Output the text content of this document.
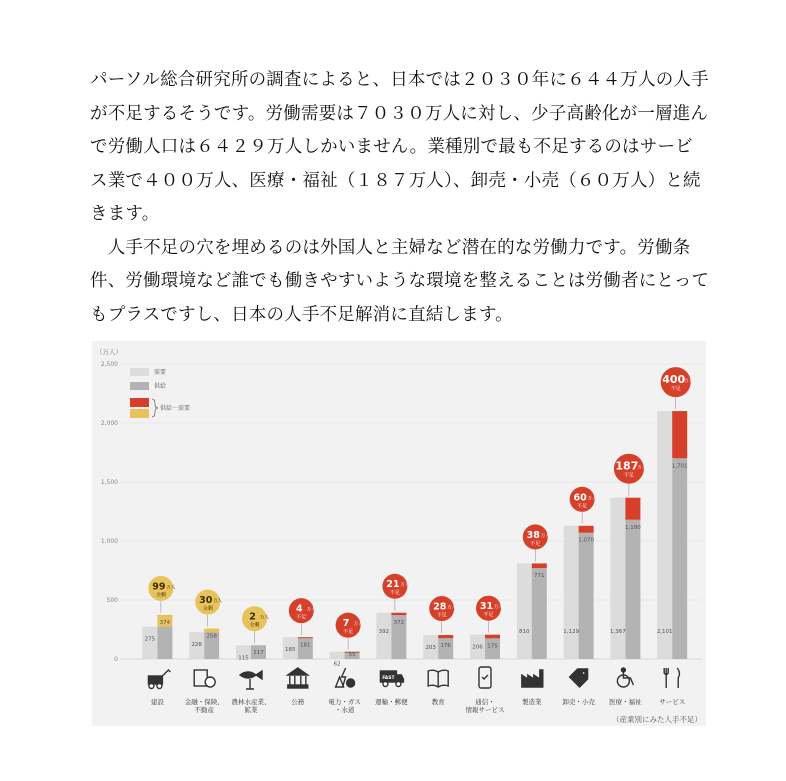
パーソル総合研究所の調査によると、日本では２０３０年に６４４万人の人手が不足するそうです。労働需要は７０３０万人に対し、少子高齢化が一層進んで労働人口は６４２９万人しかいません。業種別で最も不足するのはサービス業で４００万人、医療・福祉（１８７万人）、卸売・小売（６０万人）と続きます。

　人手不足の穴を埋めるのは外国人と主婦など潜在的な労働力です。労働条件、労働環境など誰でも働きやすいような環境を整えることは労働者にとってもプラスですし、日本の人手不足解消に直結します。

2,500
2,000
1,500
1,000
500
0
275
374
228
258
115
117
185
181
62
55
392
372
203 176	206 175
810
771
1,129
1,070
1,367
1,180
2,101
1,701
99 万人
余剰	30 万人
余剰
2 万人
余剰
4 万人
不足
7 万人
不足
21 万人
不足
28 万人
不足
31 万人
不足
38 万人
不足
60 万人
不足
187 万人
不足
400 万人
不足
需要
供給
供給－需要
FAST
建設	金融・保険、
不動産
農林水産業、
鉱業
公務	電力・ガス
・水道
運輸・郵便	教育	通信・
情報サービス
製造業	卸売・小売 医療・福祉	サービス
（万人）
（産業別にみた人手不足）
